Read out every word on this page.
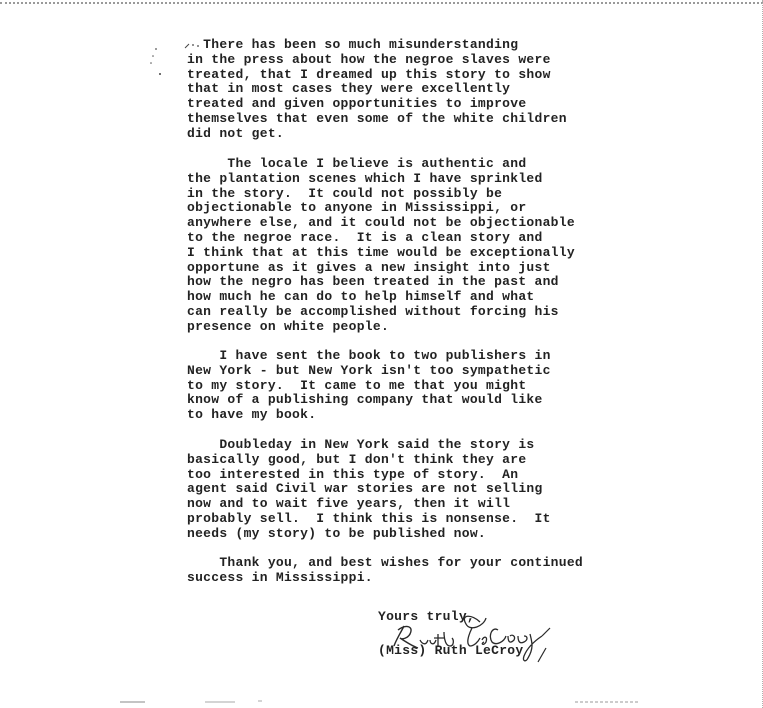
There has been so much misunderstanding
in the press about how the negroe slaves were
treated, that I dreamed up this story to show
that in most cases they were excellently
treated and given opportunities to improve
themselves that even some of the white children
did not get.
The locale I believe is authentic and
the plantation scenes which I have sprinkled
in the story.  It could not possibly be
objectionable to anyone in Mississippi, or
anywhere else, and it could not be objectionable
to the negroe race.  It is a clean story and
I think that at this time would be exceptionally
opportune as it gives a new insight into just
how the negro has been treated in the past and
how much he can do to help himself and what
can really be accomplished without forcing his
presence on white people.
I have sent the book to two publishers in
New York - but New York isn't too sympathetic
to my story.  It came to me that you might
know of a publishing company that would like
to have my book.
Doubleday in New York said the story is
basically good, but I don't think they are
too interested in this type of story.  An
agent said Civil war stories are not selling
now and to wait five years, then it will
probably sell.  I think this is nonsense.  It
needs (my story) to be published now.
Thank you, and best wishes for your continued
success in Mississippi.

Yours truly,

(Miss) Ruth LeCroy
